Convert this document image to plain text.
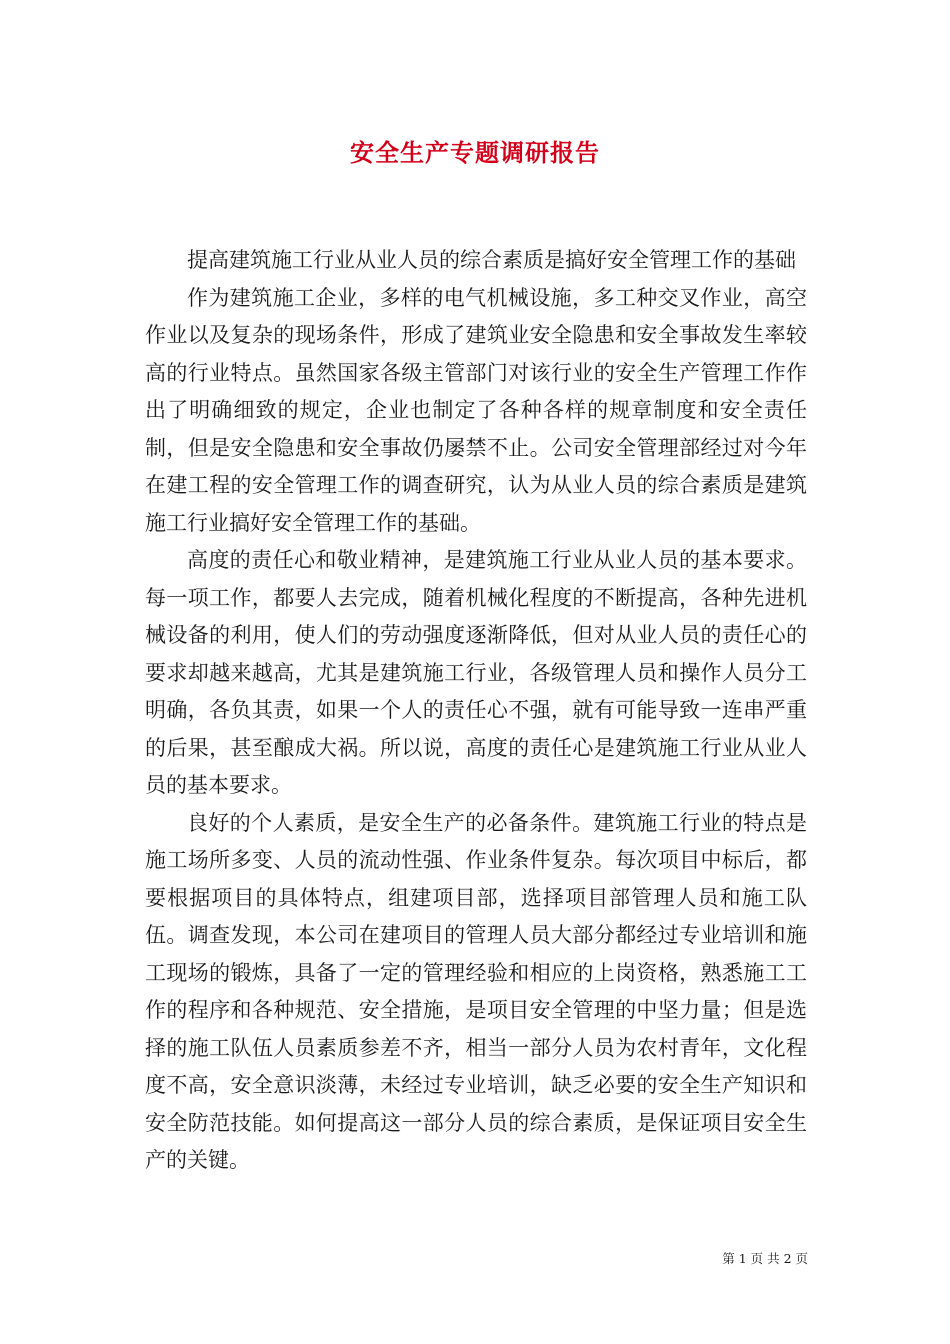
安全生产专题调研报告

提高建筑施工行业从业人员的综合素质是搞好安全管理工作的基础

作为建筑施工企业，多样的电气机械设施，多工种交叉作业，高空作业以及复杂的现场条件，形成了建筑业安全隐患和安全事故发生率较高的行业特点。虽然国家各级主管部门对该行业的安全生产管理工作作出了明确细致的规定，企业也制定了各种各样的规章制度和安全责任制，但是安全隐患和安全事故仍屡禁不止。公司安全管理部经过对今年在建工程的安全管理工作的调查研究，认为从业人员的综合素质是建筑施工行业搞好安全管理工作的基础。

高度的责任心和敬业精神，是建筑施工行业从业人员的基本要求。每一项工作，都要人去完成，随着机械化程度的不断提高，各种先进机械设备的利用，使人们的劳动强度逐渐降低，但对从业人员的责任心的要求却越来越高，尤其是建筑施工行业，各级管理人员和操作人员分工明确，各负其责，如果一个人的责任心不强，就有可能导致一连串严重的后果，甚至酿成大祸。所以说，高度的责任心是建筑施工行业从业人员的基本要求。

良好的个人素质，是安全生产的必备条件。建筑施工行业的特点是施工场所多变、人员的流动性强、作业条件复杂。每次项目中标后，都要根据项目的具体特点，组建项目部，选择项目部管理人员和施工队伍。调查发现，本公司在建项目的管理人员大部分都经过专业培训和施工现场的锻炼，具备了一定的管理经验和相应的上岗资格，熟悉施工工作的程序和各种规范、安全措施，是项目安全管理的中坚力量；但是选择的施工队伍人员素质参差不齐，相当一部分人员为农村青年，文化程度不高，安全意识淡薄，未经过专业培训，缺乏必要的安全生产知识和安全防范技能。如何提高这一部分人员的综合素质，是保证项目安全生产的关键。

第 1 页 共 2 页
